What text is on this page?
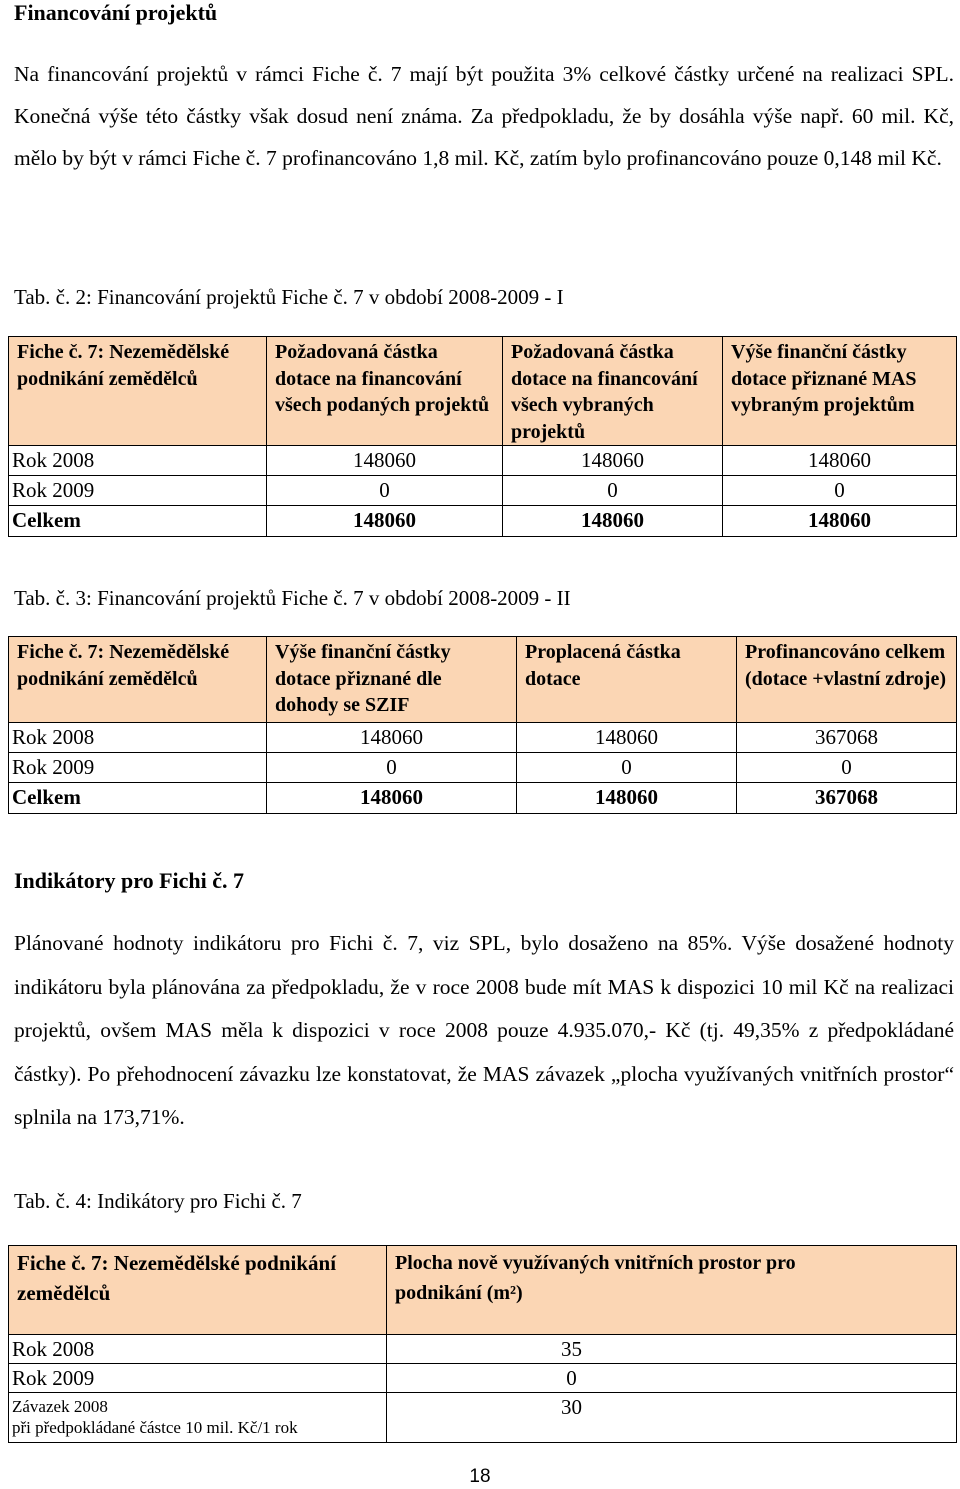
Financování projektů
Na financování projektů v rámci Fiche č. 7 mají být použita 3% celkové částky určené na realizaci SPL. Konečná výše této částky však dosud není známa. Za předpokladu, že by dosáhla výše např. 60 mil. Kč, mělo by být v rámci Fiche č. 7 profinancováno 1,8 mil. Kč, zatím bylo profinancováno pouze 0,148 mil Kč.
Tab. č. 2: Financování projektů Fiche č. 7 v období 2008-2009 - I
Fiche č. 7: Nezemědělské podnikání zemědělců	Požadovaná částka dotace na financování všech podaných projektů	Požadovaná částka dotace na financování všech vybraných projektů	Výše finanční částky dotace přiznané MAS vybraným projektům
Rok 2008	148060	148060	148060
Rok 2009	0	0	0
Celkem	148060	148060	148060
Tab. č. 3: Financování projektů Fiche č. 7 v období 2008-2009 - II
Fiche č. 7: Nezemědělské podnikání zemědělců	Výše finanční částky dotace přiznané dle dohody se SZIF	Proplacená částka dotace	Profinancováno celkem (dotace +vlastní zdroje)
Rok 2008	148060	148060	367068
Rok 2009	0	0	0
Celkem	148060	148060	367068
Indikátory pro Fichi č. 7
Plánované hodnoty indikátoru pro Fichi č. 7, viz SPL, bylo dosaženo na 85%. Výše dosažené hodnoty indikátoru byla plánována za předpokladu, že v roce 2008 bude mít MAS k dispozici 10 mil Kč na realizaci projektů, ovšem MAS měla k dispozici v roce 2008 pouze 4.935.070,- Kč (tj. 49,35% z předpokládané částky). Po přehodnocení závazku lze konstatovat, že MAS závazek „plocha využívaných vnitřních prostor“ splnila na 173,71%.
Tab. č. 4: Indikátory pro Fichi č. 7
Fiche č. 7: Nezemědělské podnikání zemědělců	Plocha nově využívaných vnitřních prostor pro podnikání (m²)
Rok 2008	35
Rok 2009	0

Závazek 2008
při předpokládané částce 10 mil. Kč/1 rok	30
18
